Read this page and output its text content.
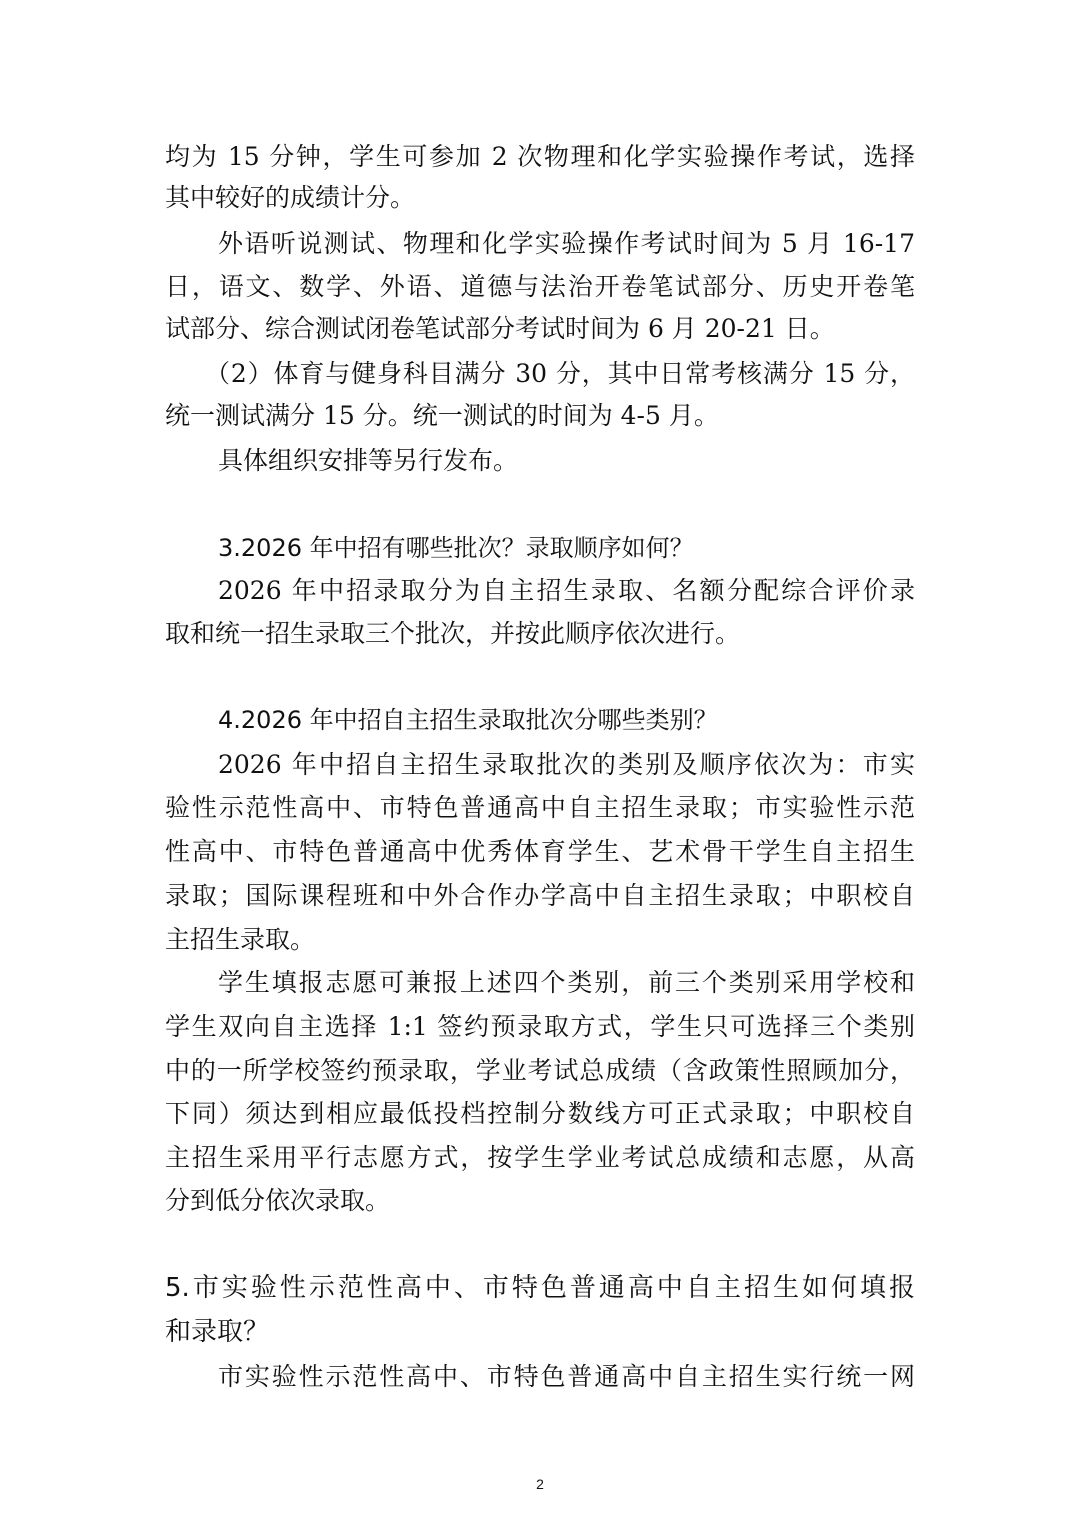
均为 15 分钟，学生可参加 2 次物理和化学实验操作考试，选择
其中较好的成绩计分。
外语听说测试、物理和化学实验操作考试时间为 5 月 16-17
日，语文、数学、外语、道德与法治开卷笔试部分、历史开卷笔
试部分、综合测试闭卷笔试部分考试时间为 6 月 20-21 日。
（2）体育与健身科目满分 30 分，其中日常考核满分 15 分，
统一测试满分 15 分。统一测试的时间为 4-5 月。
具体组织安排等另行发布。
3.2026 年中招有哪些批次？录取顺序如何？
2026 年中招录取分为自主招生录取、名额分配综合评价录
取和统一招生录取三个批次，并按此顺序依次进行。
4.2026 年中招自主招生录取批次分哪些类别？
2026 年中招自主招生录取批次的类别及顺序依次为：市实
验性示范性高中、市特色普通高中自主招生录取；市实验性示范
性高中、市特色普通高中优秀体育学生、艺术骨干学生自主招生
录取；国际课程班和中外合作办学高中自主招生录取；中职校自
主招生录取。
学生填报志愿可兼报上述四个类别，前三个类别采用学校和
学生双向自主选择 1:1 签约预录取方式，学生只可选择三个类别
中的一所学校签约预录取，学业考试总成绩（含政策性照顾加分，
下同）须达到相应最低投档控制分数线方可正式录取；中职校自
主招生采用平行志愿方式，按学生学业考试总成绩和志愿，从高
分到低分依次录取。
5.市实验性示范性高中、市特色普通高中自主招生如何填报
和录取？
市实验性示范性高中、市特色普通高中自主招生实行统一网
2
